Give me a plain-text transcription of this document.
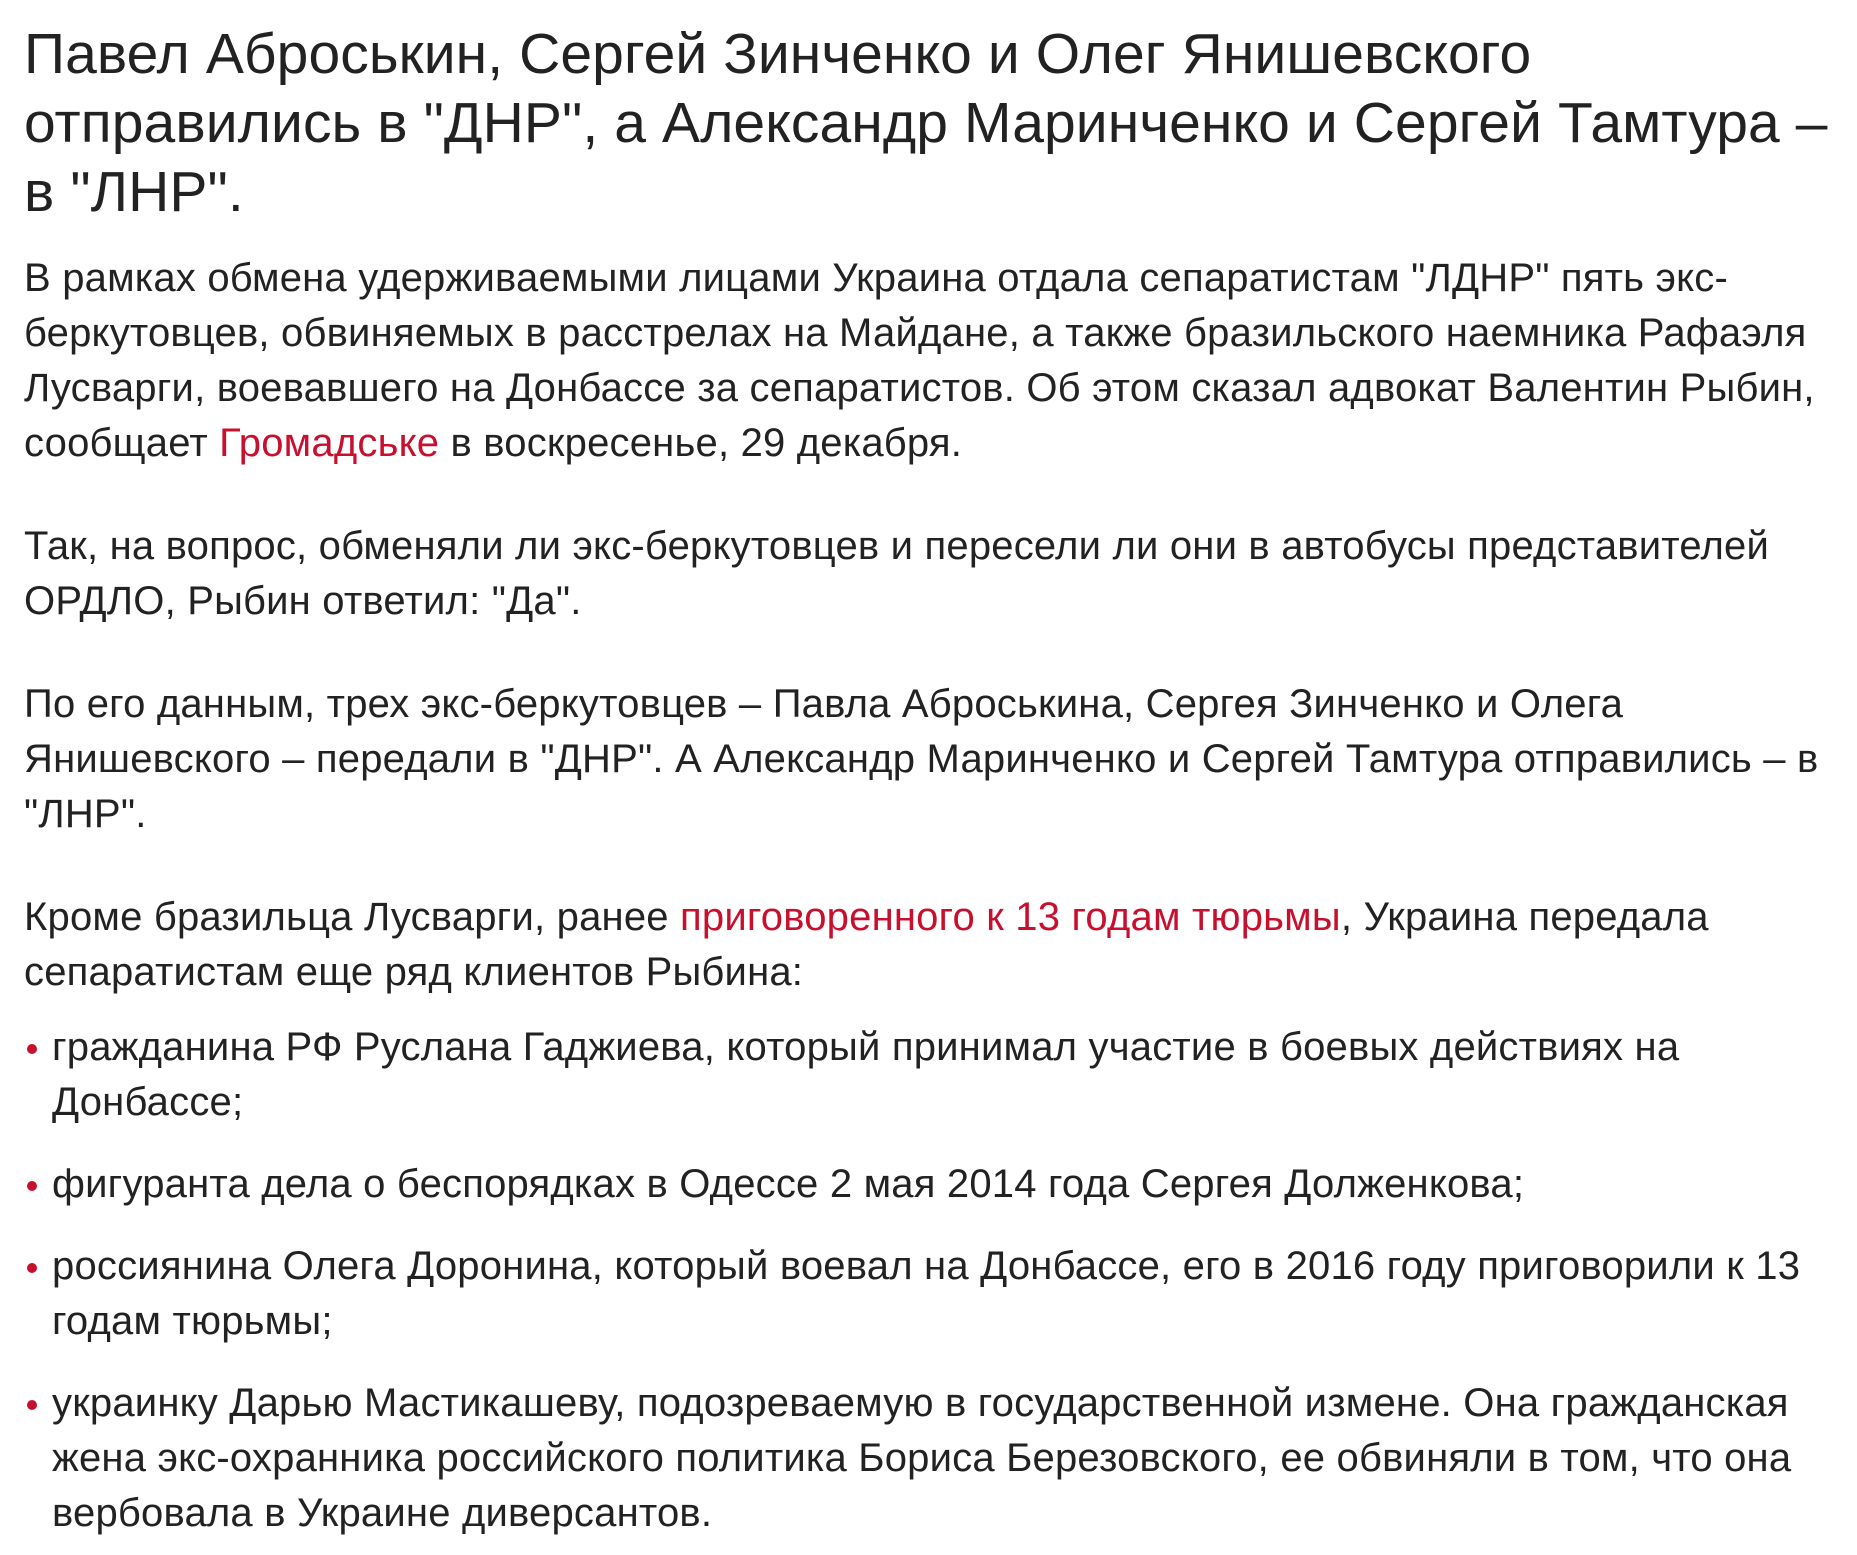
Павел Аброськин, Сергей Зинченко и Олег Янишевского отправились в "ДНР", а Александр Маринченко и Сергей Тамтура – в "ЛНР".

В рамках обмена удерживаемыми лицами Украина отдала сепаратистам "ЛДНР" пять экс-беркутовцев, обвиняемых в расстрелах на Майдане, а также бразильского наемника Рафаэля Лусварги, воевавшего на Донбассе за сепаратистов. Об этом сказал адвокат Валентин Рыбин, сообщает Громадське в воскресенье, 29 декабря.

Так, на вопрос, обменяли ли экс-беркутовцев и пересели ли они в автобусы представителей ОРДЛО, Рыбин ответил: "Да".

По его данным, трех экс-беркутовцев – Павла Аброськина, Сергея Зинченко и Олега Янишевского – передали в "ДНР". А Александр Маринченко и Сергей Тамтура отправились – в "ЛНР".

Кроме бразильца Лусварги, ранее приговоренного к 13 годам тюрьмы, Украина передала сепаратистам еще ряд клиентов Рыбина:

гражданина РФ Руслана Гаджиева, который принимал участие в боевых действиях на Донбассе;
фигуранта дела о беспорядках в Одессе 2 мая 2014 года Сергея Долженкова;
россиянина Олега Доронина, который воевал на Донбассе, его в 2016 году приговорили к 13 годам тюрьмы;
украинку Дарью Мастикашеву, подозреваемую в государственной измене. Она гражданская жена экс-охранника российского политика Бориса Березовского, ее обвиняли в том, что она вербовала в Украине диверсантов.
